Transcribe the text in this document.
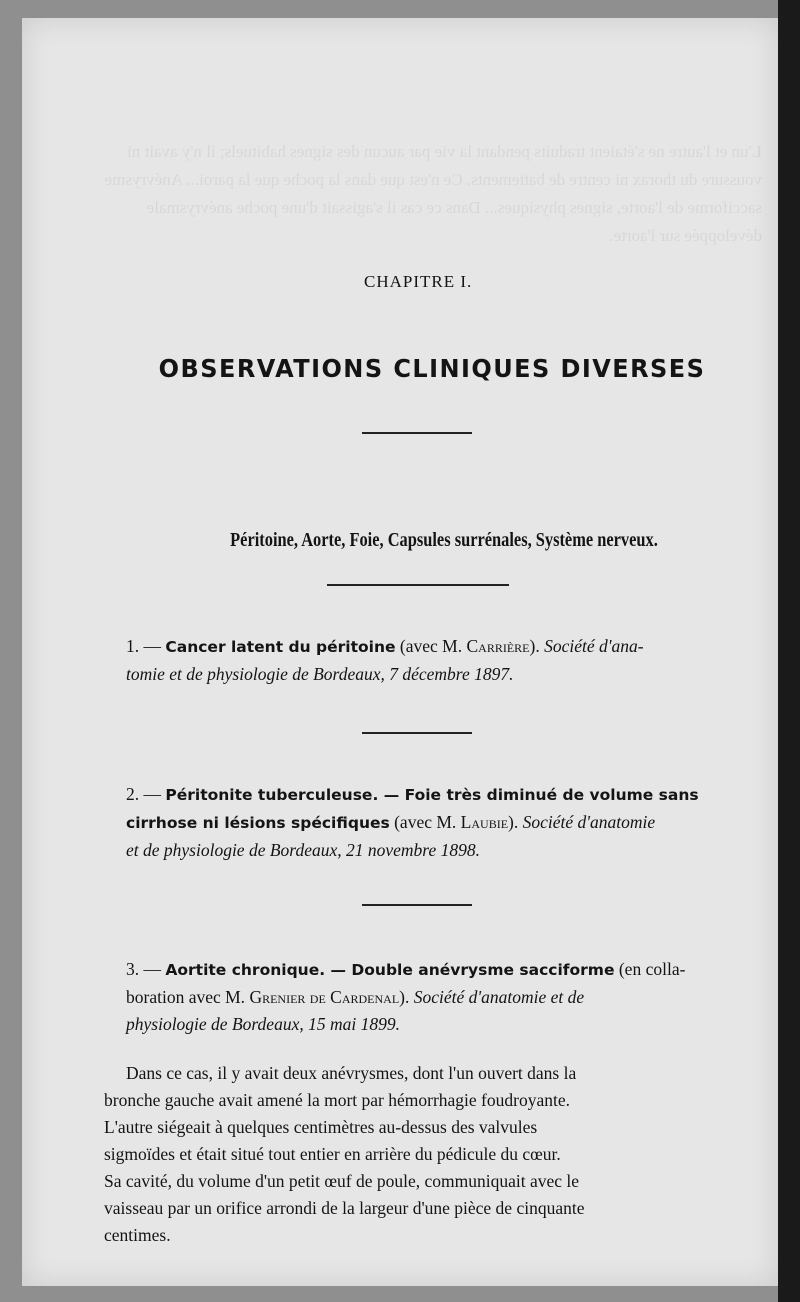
L'un et l'autre ne s'étaient traduits pendant la vie par aucun des signes habituels; il n'y avait ni voussure du thorax ni centre de battements. Ce n'est que dans la poche que la paroi... Anévrysme sacciforme de l'aorte, signes physiques... Dans ce cas il s'agissait d'une poche anévrysmale développée sur l'aorte.
CHAPITRE I.
OBSERVATIONS CLINIQUES DIVERSES
Péritoine, Aorte, Foie, Capsules surrénales, Système nerveux.
1. — Cancer latent du péritoine (avec M. Carrière). Société d'ana-
tomie et de physiologie de Bordeaux, 7 décembre 1897.
2. — Péritonite tuberculeuse. — Foie très diminué de volume sans
cirrhose ni lésions spécifiques (avec M. Laubie). Société d'anatomie
et de physiologie de Bordeaux, 21 novembre 1898.
3. — Aortite chronique. — Double anévrysme sacciforme (en colla-
boration avec M. Grenier de Cardenal). Société d'anatomie et de
physiologie de Bordeaux, 15 mai 1899.
Dans ce cas, il y avait deux anévrysmes, dont l'un ouvert dans la
bronche gauche avait amené la mort par hémorrhagie foudroyante.
L'autre siégeait à quelques centimètres au-dessus des valvules
sigmoïdes et était situé tout entier en arrière du pédicule du cœur.
Sa cavité, du volume d'un petit œuf de poule, communiquait avec le
vaisseau par un orifice arrondi de la largeur d'une pièce de cinquante
centimes.
